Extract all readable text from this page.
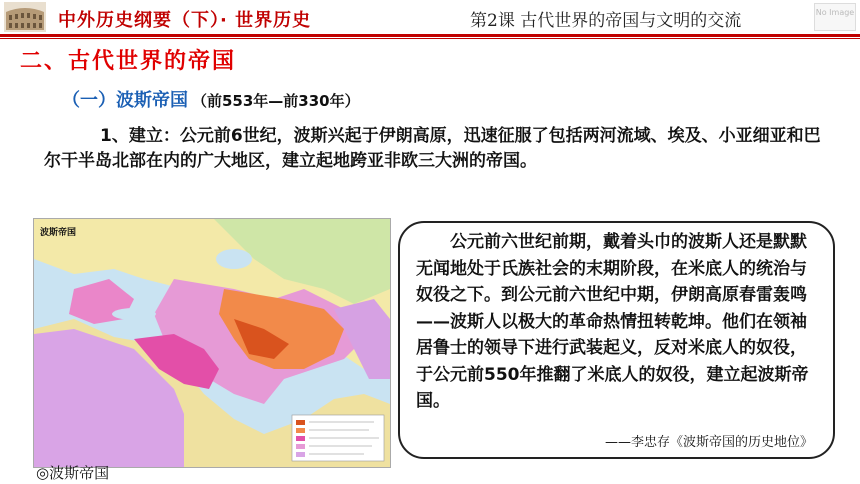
中外历史纲要（下）· 世界历史	第2课 古代世界的帝国与文明的交流	No Image
二、古代世界的帝国
（一）波斯帝国 （前553年—前330年）
1、建立：公元前6世纪，波斯兴起于伊朗高原，迅速征服了包括两河流域、埃及、小亚细亚和巴尔干半岛北部在内的广大地区，建立起地跨亚非欧三大洲的帝国。
波斯帝国
◎波斯帝国
公元前六世纪前期，戴着头巾的波斯人还是默默无闻地处于氏族社会的末期阶段，在米底人的统治与奴役之下。到公元前六世纪中期，伊朗高原春雷轰鸣——波斯人以极大的革命热情扭转乾坤。他们在领袖居鲁士的领导下进行武装起义，反对米底人的奴役，于公元前550年推翻了米底人的奴役，建立起波斯帝国。
——李忠存《波斯帝国的历史地位》
